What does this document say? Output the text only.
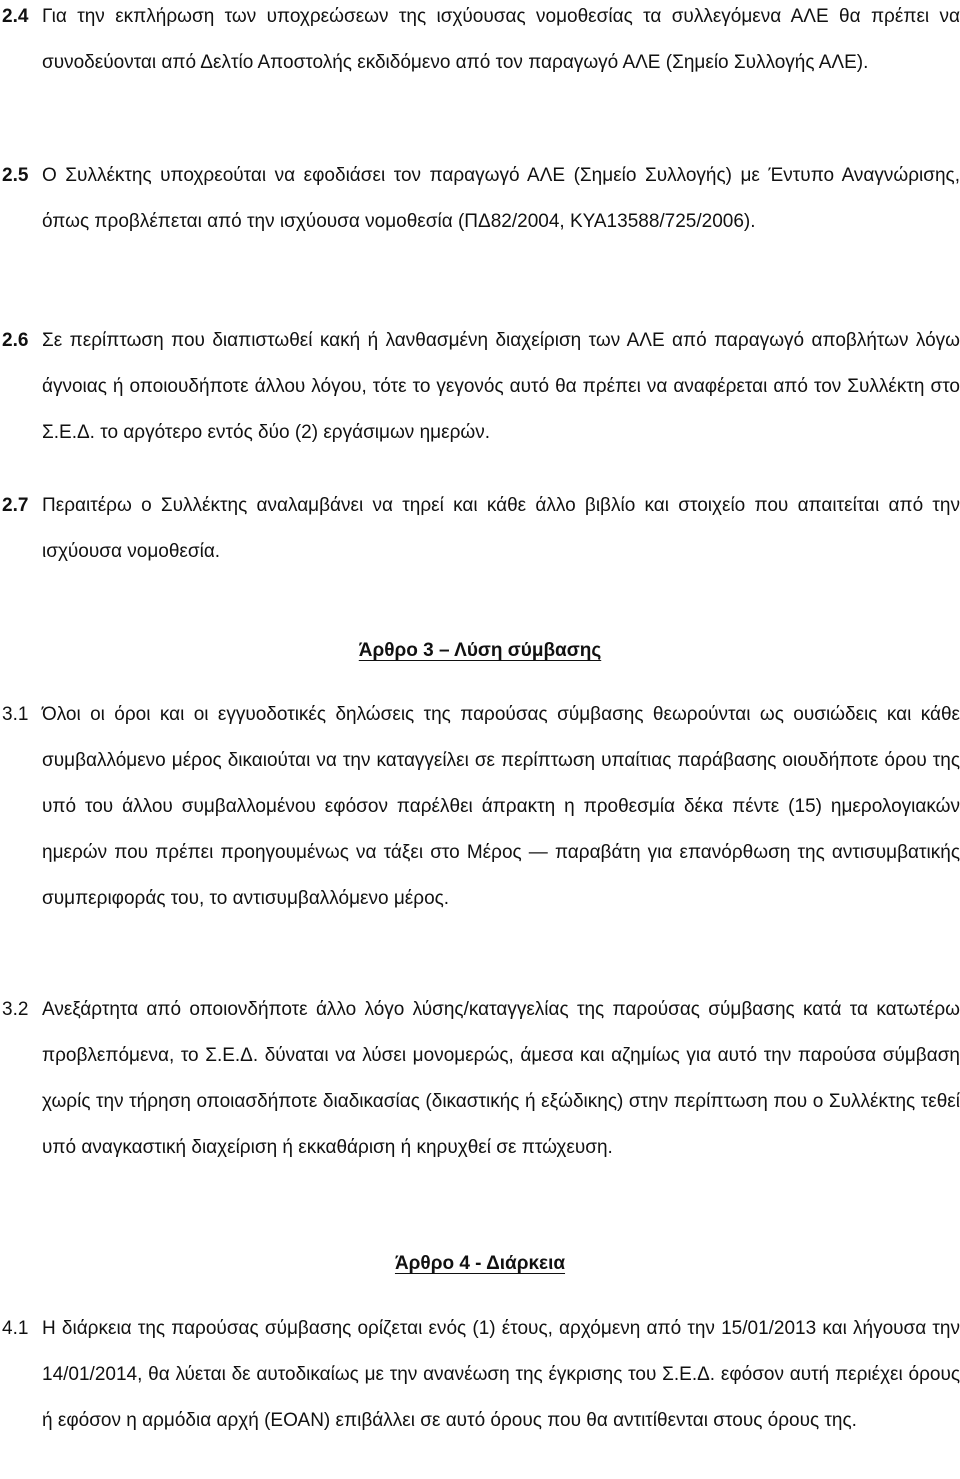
2.4 Για την εκπλήρωση των υποχρεώσεων της ισχύουσας νομοθεσίας τα συλλεγόμενα ΑΛΕ θα πρέπει να συνοδεύονται από Δελτίο Αποστολής εκδιδόμενο από τον παραγωγό ΑΛΕ (Σημείο Συλλογής ΑΛΕ).
2.5 Ο Συλλέκτης υποχρεούται να εφοδιάσει τον παραγωγό ΑΛΕ (Σημείο Συλλογής) με Έντυπο Αναγνώρισης, όπως προβλέπεται από την ισχύουσα νομοθεσία (ΠΔ82/2004, ΚΥΑ13588/725/2006).
2.6 Σε περίπτωση που διαπιστωθεί κακή ή λανθασμένη διαχείριση των ΑΛΕ από παραγωγό αποβλήτων λόγω άγνοιας ή οποιουδήποτε άλλου λόγου, τότε το γεγονός αυτό θα πρέπει να αναφέρεται από τον Συλλέκτη στο Σ.Ε.Δ. το αργότερο εντός δύο (2) εργάσιμων ημερών.
2.7 Περαιτέρω ο Συλλέκτης αναλαμβάνει να τηρεί και κάθε άλλο βιβλίο και στοιχείο που απαιτείται από την ισχύουσα νομοθεσία.
Άρθρο 3 – Λύση σύμβασης
3.1 Όλοι οι όροι και οι εγγυοδοτικές δηλώσεις της παρούσας σύμβασης θεωρούνται ως ουσιώδεις και κάθε συμβαλλόμενο μέρος δικαιούται να την καταγγείλει σε περίπτωση υπαίτιας παράβασης οιουδήποτε όρου της υπό του άλλου συμβαλλομένου εφόσον παρέλθει άπρακτη η προθεσμία δέκα πέντε (15) ημερολογιακών ημερών που πρέπει προηγουμένως να τάξει στο Μέρος — παραβάτη για επανόρθωση της αντισυμβατικής συμπεριφοράς του, το αντισυμβαλλόμενο μέρος.
3.2 Ανεξάρτητα από οποιονδήποτε άλλο λόγο λύσης/καταγγελίας της παρούσας σύμβασης κατά τα κατωτέρω προβλεπόμενα, το Σ.Ε.Δ. δύναται να λύσει μονομερώς, άμεσα και αζημίως για αυτό την παρούσα σύμβαση χωρίς την τήρηση οποιασδήποτε διαδικασίας (δικαστικής ή εξώδικης) στην περίπτωση που ο Συλλέκτης τεθεί υπό αναγκαστική διαχείριση ή εκκαθάριση ή κηρυχθεί σε πτώχευση.
Άρθρο 4 - Διάρκεια
4.1 Η διάρκεια της παρούσας σύμβασης ορίζεται ενός (1) έτους, αρχόμενη από την 15/01/2013 και λήγουσα την 14/01/2014, θα λύεται δε αυτοδικαίως με την ανανέωση της έγκρισης του Σ.Ε.Δ. εφόσον αυτή περιέχει όρους ή εφόσον η αρμόδια αρχή (ΕΟΑΝ) επιβάλλει σε αυτό όρους που θα αντιτίθενται στους όρους της.
